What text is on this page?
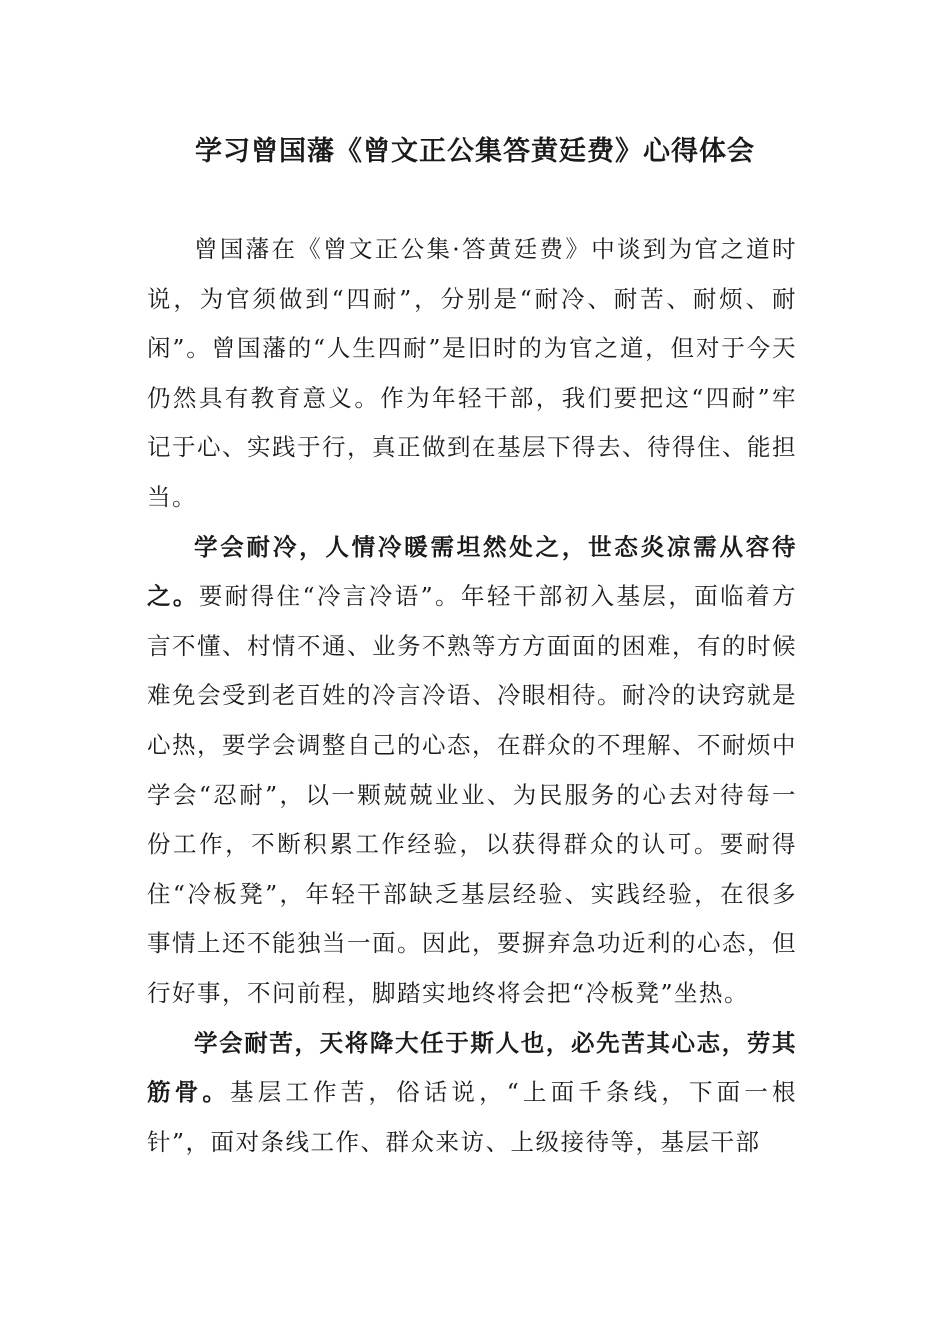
学习曾国藩《曾文正公集答黄廷费》心得体会

曾国藩在《曾文正公集·答黄廷费》中谈到为官之道时说，为官须做到“四耐”，分别是“耐冷、耐苦、耐烦、耐闲”。曾国藩的“人生四耐”是旧时的为官之道，但对于今天仍然具有教育意义。作为年轻干部，我们要把这“四耐”牢记于心、实践于行，真正做到在基层下得去、待得住、能担当。

学会耐冷，人情冷暖需坦然处之，世态炎凉需从容待之。要耐得住“冷言冷语”。年轻干部初入基层，面临着方言不懂、村情不通、业务不熟等方方面面的困难，有的时候难免会受到老百姓的冷言冷语、冷眼相待。耐冷的诀窍就是心热，要学会调整自己的心态，在群众的不理解、不耐烦中学会“忍耐”，以一颗兢兢业业、为民服务的心去对待每一份工作，不断积累工作经验，以获得群众的认可。要耐得住“冷板凳”，年轻干部缺乏基层经验、实践经验，在很多事情上还不能独当一面。因此，要摒弃急功近利的心态，但行好事，不问前程，脚踏实地终将会把“冷板凳”坐热。

学会耐苦，天将降大任于斯人也，必先苦其心志，劳其筋骨。基层工作苦，俗话说，“上面千条线，下面一根针”，面对条线工作、群众来访、上级接待等，基层干部
